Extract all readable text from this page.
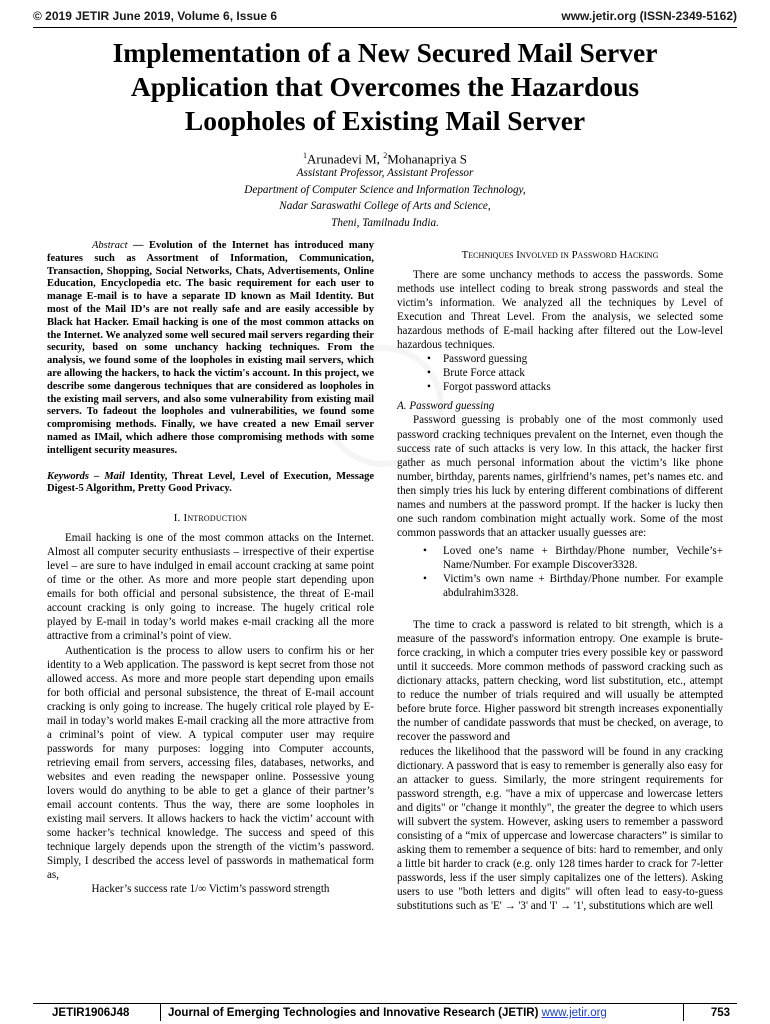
© 2019 JETIR June 2019, Volume 6, Issue 6	www.jetir.org (ISSN-2349-5162)
Implementation of a New Secured Mail Server
Application that Overcomes the Hazardous
Loopholes of Existing Mail Server
$^1$Arunadevi M, $^2$Mohanapriya S
Assistant Professor, Assistant Professor
Department of Computer Science and Information Technology,
Nadar Saraswathi College of Arts and Science,
Theni, Tamilnadu India.

Abstract — Evolution of the Internet has introduced many features such as Assortment of Information, Communication, Transaction, Shopping, Social Networks, Chats, Advertisements, Online Education, Encyclopedia etc. The basic requirement for each user to manage E-mail is to have a separate ID known as Mail Identity. But most of the Mail ID’s are not really safe and are easily accessible by Black hat Hacker. Email hacking is one of the most common attacks on the Internet. We analyzed some well secured mail servers regarding their security, based on some unchancy hacking techniques. From the analysis, we found some of the loopholes in existing mail servers, which are allowing the hackers, to hack the victim's account. In this project, we describe some dangerous techniques that are considered as loopholes in the existing mail servers, and also some vulnerability from existing mail servers. To fadeout the loopholes and vulnerabilities, we found some compromising methods. Finally, we have created a new Email server named as IMail, which adhere those compromising methods with some intelligent security measures.

Keywords – Mail Identity, Threat Level, Level of Execution, Message Digest-5 Algorithm, Pretty Good Privacy.

I. Introduction

Email hacking is one of the most common attacks on the Internet. Almost all computer security enthusiasts – irrespective of their expertise level – are sure to have indulged in email account cracking at same point of time or the other. As more and more people start depending upon emails for both official and personal subsistence, the threat of E-mail account cracking is only going to increase. The hugely critical role played by E-mail in today’s world makes e-mail cracking all the more attractive from a criminal’s point of view.

Authentication is the process to allow users to confirm his or her identity to a Web application. The password is kept secret from those not allowed access. As more and more people start depending upon emails for both official and personal subsistence, the threat of E-mail account cracking is only going to increase. The hugely critical role played by E-mail in today’s world makes E-mail cracking all the more attractive from a criminal’s point of view. A typical computer user may require passwords for many purposes: logging into Computer accounts, retrieving email from servers, accessing files, databases, networks, and websites and even reading the newspaper online. Possessive young lovers would do anything to be able to get a glance of their partner’s email account contents. Thus the way, there are some loopholes in existing mail servers. It allows hackers to hack the victim’ account with some hacker’s technical knowledge. The success and speed of this technique largely depends upon the strength of the victim’s password. Simply, I described the access level of passwords in mathematical form as,

Hacker’s success rate 1/∞ Victim’s password strength

Techniques Involved in Password Hacking

There are some unchancy methods to access the passwords. Some methods use intellect coding to break strong passwords and steal the victim’s information. We analyzed all the techniques by Level of Execution and Threat Level. From the analysis, we selected some hazardous methods of E-mail hacking after filtered out the Low-level hazardous techniques.

• Password guessing
• Brute Force attack
• Forgot password attacks

A. Password guessing

Password guessing is probably one of the most commonly used password cracking techniques prevalent on the Internet, even though the success rate of such attacks is very low. In this attack, the hacker first gather as much personal information about the victim’s like phone number, birthday, parents names, girlfriend’s names, pet’s names etc. and then simply tries his luck by entering different combinations of different names and numbers at the password prompt. If the hacker is lucky then one such random combination might actually work. Some of the most common passwords that an attacker usually guesses are:

• Loved one’s name + Birthday/Phone number, Vechile’s+ Name/Number. For example Discover3328.
• Victim’s own name + Birthday/Phone number. For example abdulrahim3328.

The time to crack a password is related to bit strength, which is a measure of the password's information entropy. One example is brute-force cracking, in which a computer tries every possible key or password until it succeeds. More common methods of password cracking such as dictionary attacks, pattern checking, word list substitution, etc., attempt to reduce the number of trials required and will usually be attempted before brute force. Higher password bit strength increases exponentially the number of candidate passwords that must be checked, on average, to recover the password and

reduces the likelihood that the password will be found in any cracking dictionary. A password that is easy to remember is generally also easy for an attacker to guess. Similarly, the more stringent requirements for password strength, e.g. "have a mix of uppercase and lowercase letters and digits" or "change it monthly", the greater the degree to which users will subvert the system. However, asking users to remember a password consisting of a “mix of uppercase and lowercase characters” is similar to asking them to remember a sequence of bits: hard to remember, and only a little bit harder to crack (e.g. only 128 times harder to crack for 7-letter passwords, less if the user simply capitalizes one of the letters). Asking users to use "both letters and digits" will often lead to easy-to-guess substitutions such as 'E' → '3' and 'I' → '1', substitutions which are well

JETIR1906J48	Journal of Emerging Technologies and Innovative Research (JETIR) www.jetir.org	753
